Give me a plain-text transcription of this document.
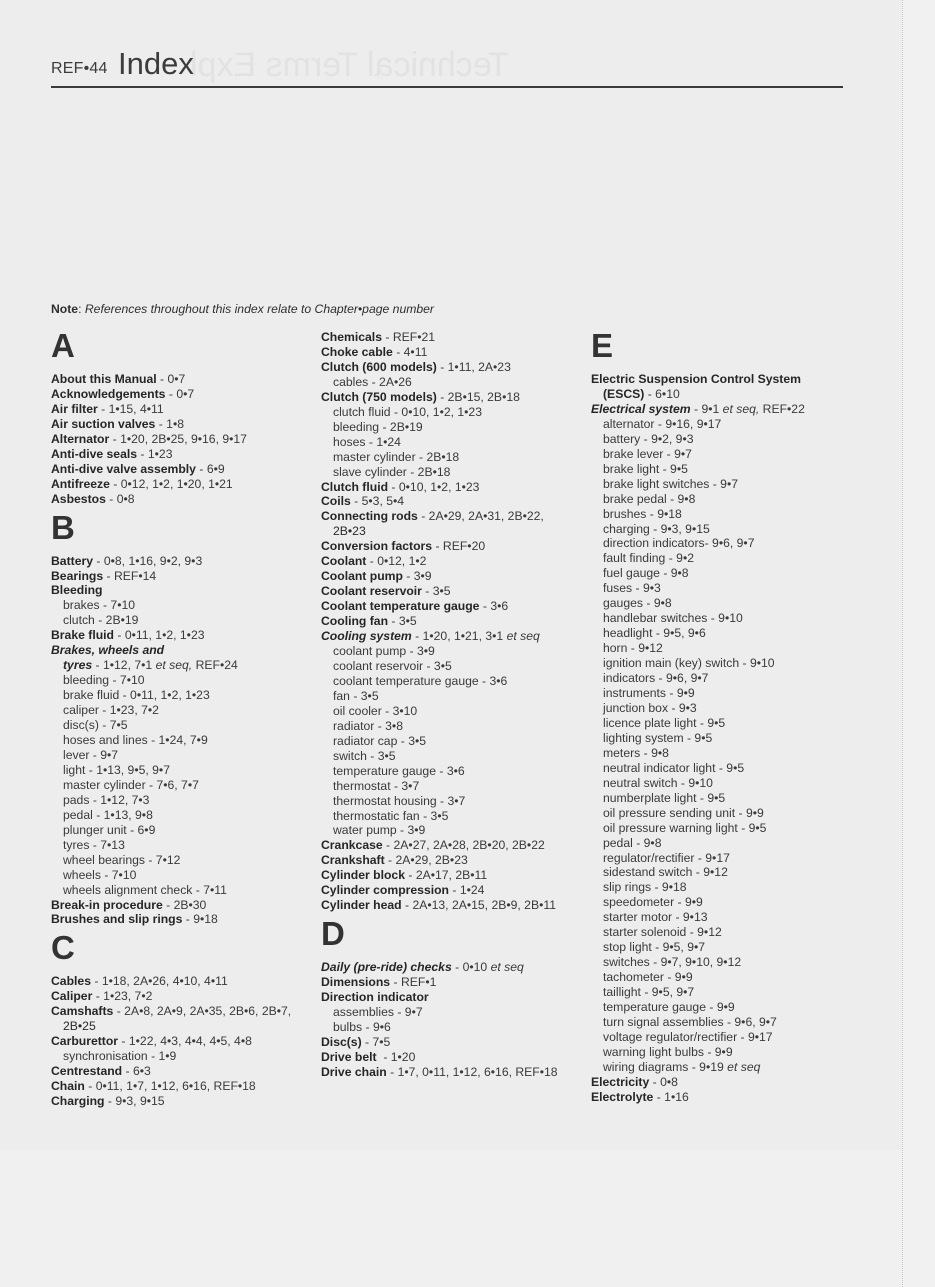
Technical Terms Expl
REF•44 Index
Note: References throughout this index relate to Chapter•page number
A
About this Manual - 0•7
Acknowledgements - 0•7
Air filter - 1•15, 4•11
Air suction valves - 1•8
Alternator - 1•20, 2B•25, 9•16, 9•17
Anti-dive seals - 1•23
Anti-dive valve assembly - 6•9
Antifreeze - 0•12, 1•2, 1•20, 1•21
Asbestos - 0•8
B
Battery - 0•8, 1•16, 9•2, 9•3
Bearings - REF•14
Bleeding
brakes - 7•10
clutch - 2B•19
Brake fluid - 0•11, 1•2, 1•23
Brakes, wheels and
tyres - 1•12, 7•1 et seq, REF•24
bleeding - 7•10
brake fluid - 0•11, 1•2, 1•23
caliper - 1•23, 7•2
disc(s) - 7•5
hoses and lines - 1•24, 7•9
lever - 9•7
light - 1•13, 9•5, 9•7
master cylinder - 7•6, 7•7
pads - 1•12, 7•3
pedal - 1•13, 9•8
plunger unit - 6•9
tyres - 7•13
wheel bearings - 7•12
wheels - 7•10
wheels alignment check - 7•11
Break-in procedure - 2B•30
Brushes and slip rings - 9•18
C
Cables - 1•18, 2A•26, 4•10, 4•11
Caliper - 1•23, 7•2
Camshafts - 2A•8, 2A•9, 2A•35, 2B•6, 2B•7,
2B•25
Carburettor - 1•22, 4•3, 4•4, 4•5, 4•8
synchronisation - 1•9
Centrestand - 6•3
Chain - 0•11, 1•7, 1•12, 6•16, REF•18
Charging - 9•3, 9•15
Chemicals - REF•21
Choke cable - 4•11
Clutch (600 models) - 1•11, 2A•23
cables - 2A•26
Clutch (750 models) - 2B•15, 2B•18
clutch fluid - 0•10, 1•2, 1•23
bleeding - 2B•19
hoses - 1•24
master cylinder - 2B•18
slave cylinder - 2B•18
Clutch fluid - 0•10, 1•2, 1•23
Coils - 5•3, 5•4
Connecting rods - 2A•29, 2A•31, 2B•22,
2B•23
Conversion factors - REF•20
Coolant - 0•12, 1•2
Coolant pump - 3•9
Coolant reservoir - 3•5
Coolant temperature gauge - 3•6
Cooling fan - 3•5
Cooling system - 1•20, 1•21, 3•1 et seq
coolant pump - 3•9
coolant reservoir - 3•5
coolant temperature gauge - 3•6
fan - 3•5
oil cooler - 3•10
radiator - 3•8
radiator cap - 3•5
switch - 3•5
temperature gauge - 3•6
thermostat - 3•7
thermostat housing - 3•7
thermostatic fan - 3•5
water pump - 3•9
Crankcase - 2A•27, 2A•28, 2B•20, 2B•22
Crankshaft - 2A•29, 2B•23
Cylinder block - 2A•17, 2B•11
Cylinder compression - 1•24
Cylinder head - 2A•13, 2A•15, 2B•9, 2B•11
D
Daily (pre-ride) checks - 0•10 et seq
Dimensions - REF•1
Direction indicator
assemblies - 9•7
bulbs - 9•6
Disc(s) - 7•5
Drive belt  - 1•20
Drive chain - 1•7, 0•11, 1•12, 6•16, REF•18
E
Electric Suspension Control System
(ESCS) - 6•10
Electrical system - 9•1 et seq, REF•22
alternator - 9•16, 9•17
battery - 9•2, 9•3
brake lever - 9•7
brake light - 9•5
brake light switches - 9•7
brake pedal - 9•8
brushes - 9•18
charging - 9•3, 9•15
direction indicators- 9•6, 9•7
fault finding - 9•2
fuel gauge - 9•8
fuses - 9•3
gauges - 9•8
handlebar switches - 9•10
headlight - 9•5, 9•6
horn - 9•12
ignition main (key) switch - 9•10
indicators - 9•6, 9•7
instruments - 9•9
junction box - 9•3
licence plate light - 9•5
lighting system - 9•5
meters - 9•8
neutral indicator light - 9•5
neutral switch - 9•10
numberplate light - 9•5
oil pressure sending unit - 9•9
oil pressure warning light - 9•5
pedal - 9•8
regulator/rectifier - 9•17
sidestand switch - 9•12
slip rings - 9•18
speedometer - 9•9
starter motor - 9•13
starter solenoid - 9•12
stop light - 9•5, 9•7
switches - 9•7, 9•10, 9•12
tachometer - 9•9
taillight - 9•5, 9•7
temperature gauge - 9•9
turn signal assemblies - 9•6, 9•7
voltage regulator/rectifier - 9•17
warning light bulbs - 9•9
wiring diagrams - 9•19 et seq
Electricity - 0•8
Electrolyte - 1•16
